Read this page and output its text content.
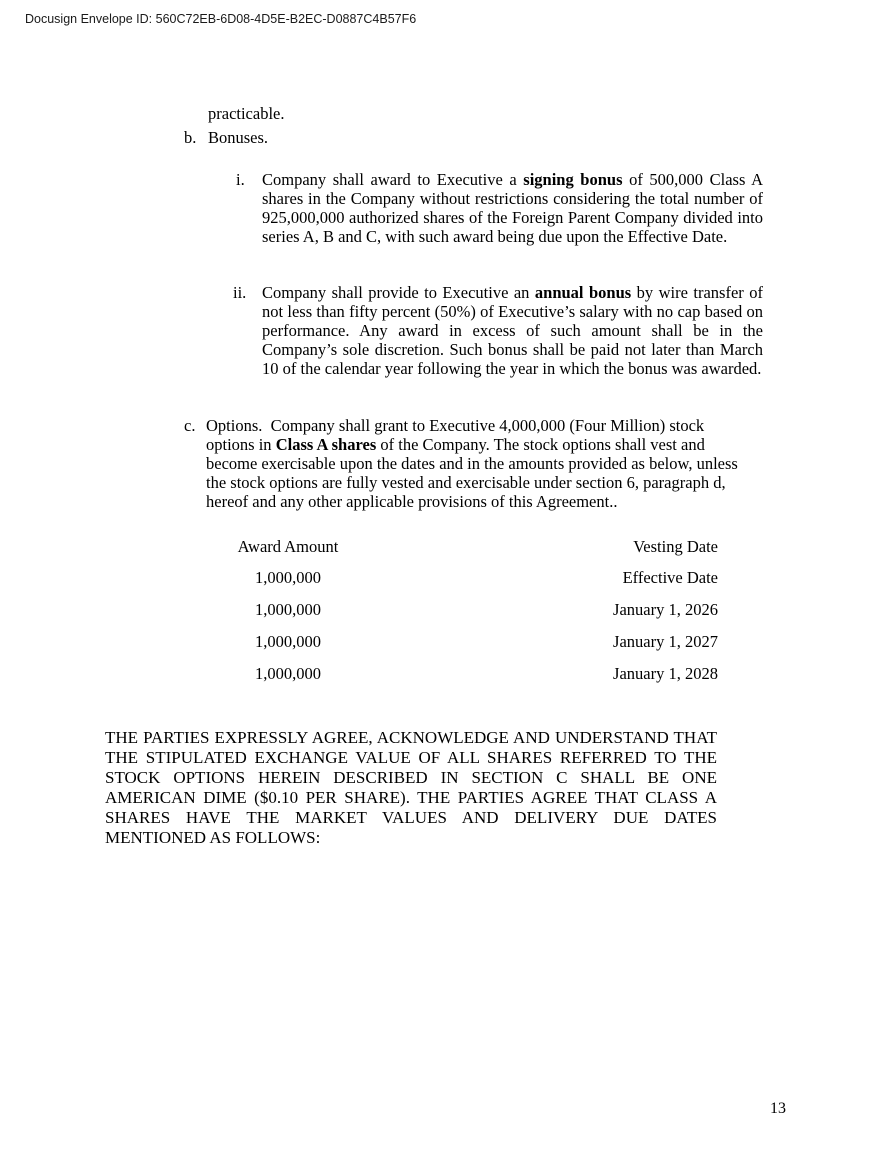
Docusign Envelope ID: 560C72EB-6D08-4D5E-B2EC-D0887C4B57F6
practicable.
b. Bonuses.
i. Company shall award to Executive a signing bonus of 500,000 Class A shares in the Company without restrictions considering the total number of 925,000,000 authorized shares of the Foreign Parent Company divided into series A, B and C, with such award being due upon the Effective Date.
ii. Company shall provide to Executive an annual bonus by wire transfer of not less than fifty percent (50%) of Executive’s salary with no cap based on performance. Any award in excess of such amount shall be in the Company’s sole discretion. Such bonus shall be paid not later than March 10 of the calendar year following the year in which the bonus was awarded.
c. Options.  Company shall grant to Executive 4,000,000 (Four Million) stock options in Class A shares of the Company. The stock options shall vest and become exercisable upon the dates and in the amounts provided as below, unless the stock options are fully vested and exercisable under section 6, paragraph d, hereof and any other applicable provisions of this Agreement..
Award Amount	Vesting Date
1,000,000	Effective Date
1,000,000	January 1, 2026
1,000,000	January 1, 2027
1,000,000	January 1, 2028
THE PARTIES EXPRESSLY AGREE, ACKNOWLEDGE AND UNDERSTAND THAT THE STIPULATED EXCHANGE VALUE OF ALL SHARES REFERRED TO THE STOCK OPTIONS HEREIN DESCRIBED IN SECTION C SHALL BE ONE AMERICAN DIME ($0.10 PER SHARE). THE PARTIES AGREE THAT CLASS A SHARES HAVE THE MARKET VALUES AND DELIVERY DUE DATES MENTIONED AS FOLLOWS:
13
